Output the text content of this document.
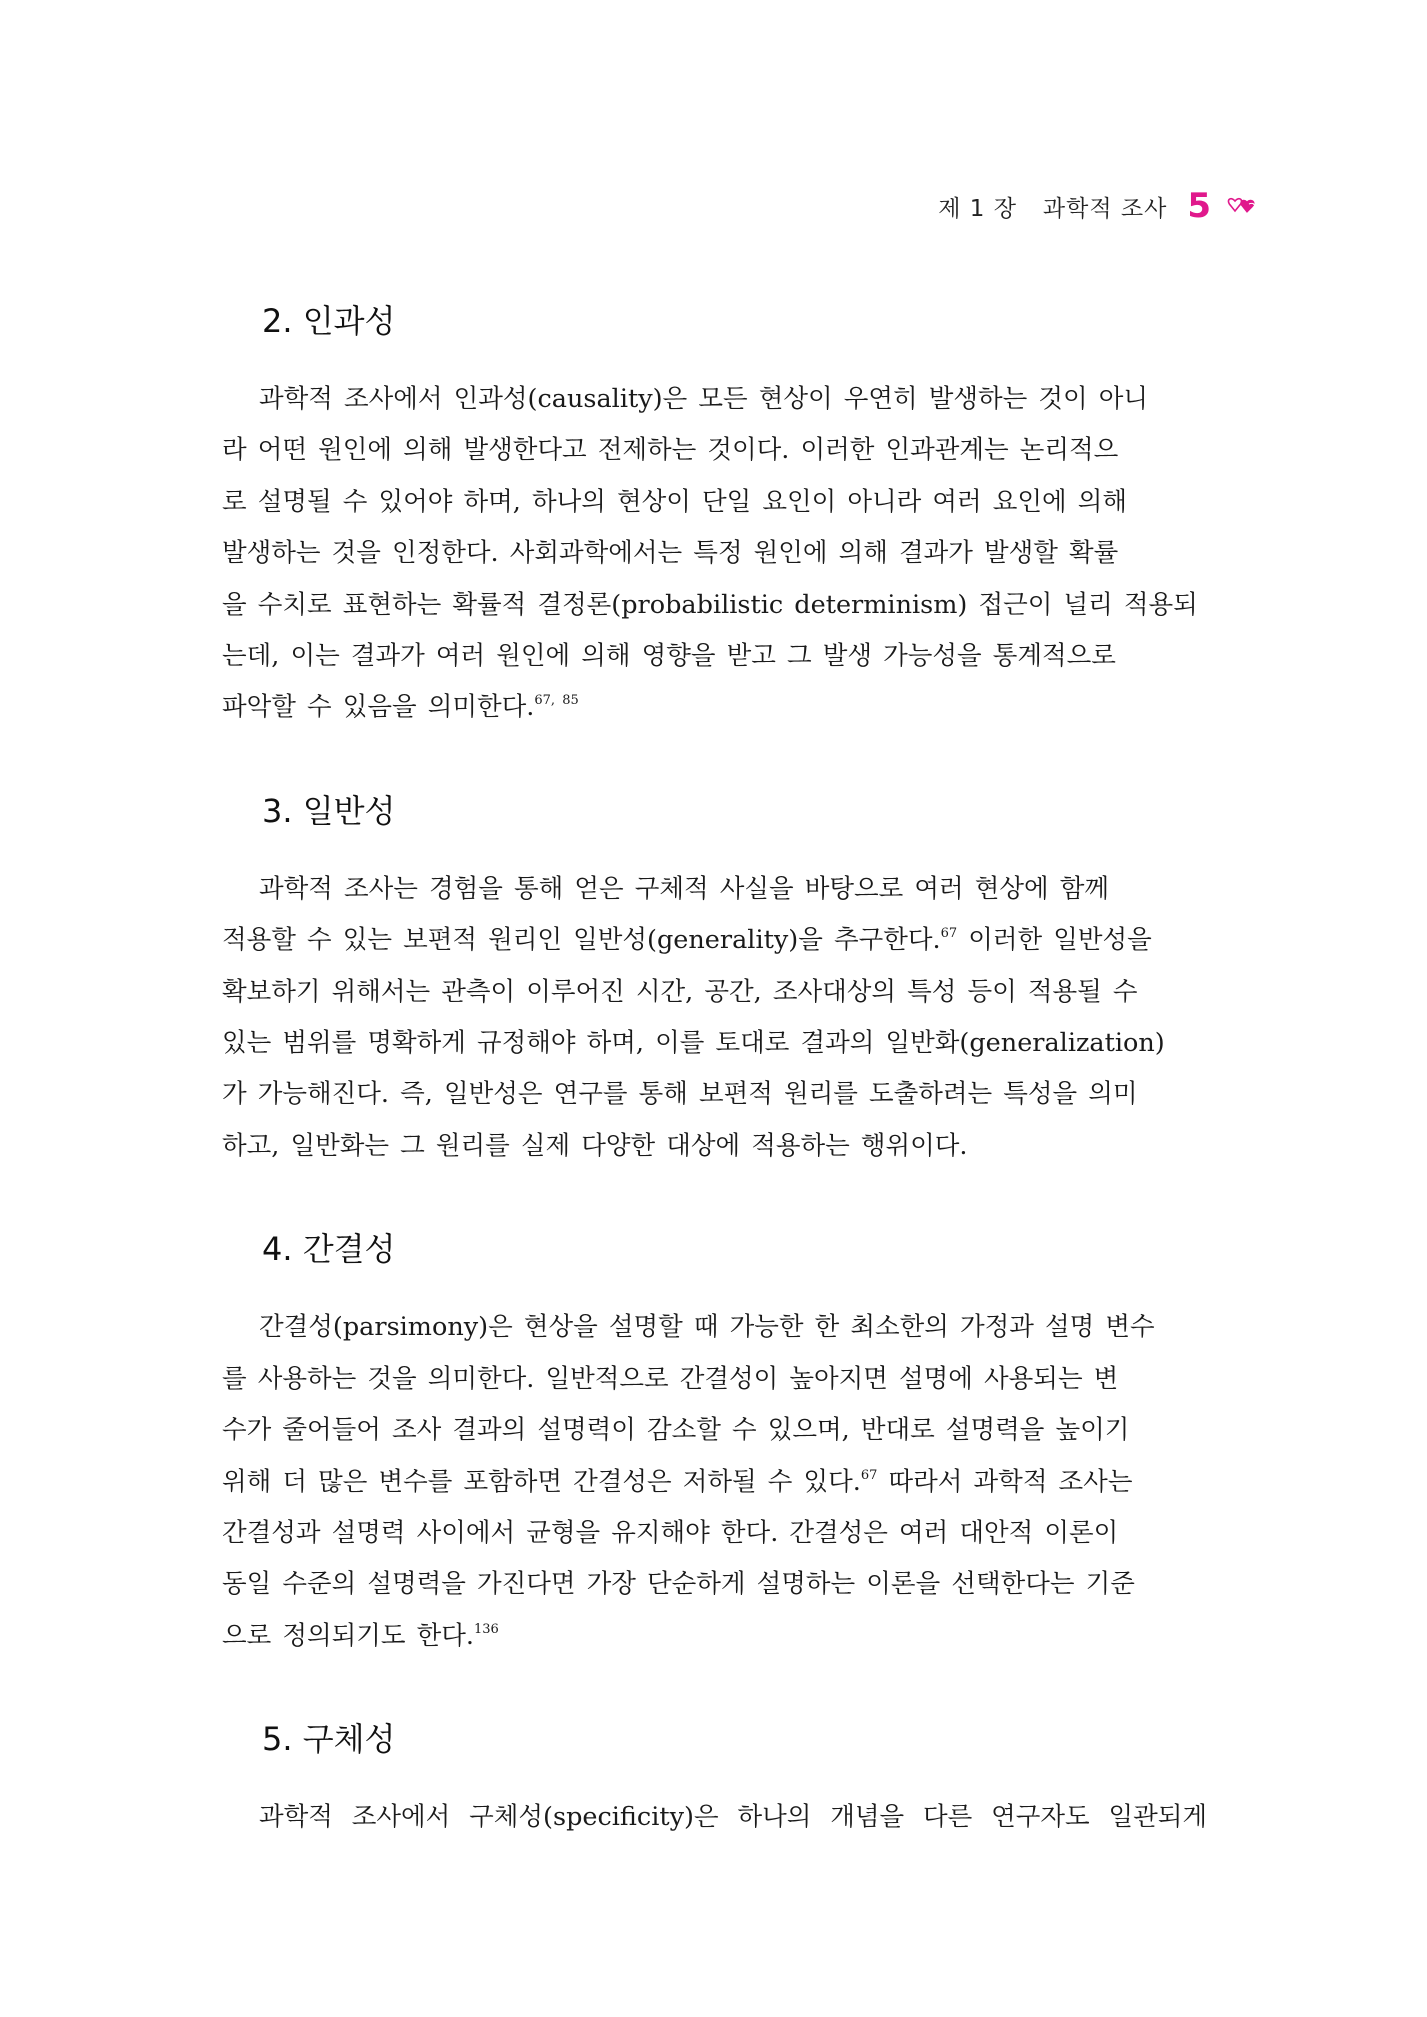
제 1 장 과학적 조사 5
2. 인과성

과학적 조사에서 인과성(causality)은 모든 현상이 우연히 발생하는 것이 아니
라 어떤 원인에 의해 발생한다고 전제하는 것이다. 이러한 인과관계는 논리적으
로 설명될 수 있어야 하며, 하나의 현상이 단일 요인이 아니라 여러 요인에 의해
발생하는 것을 인정한다. 사회과학에서는 특정 원인에 의해 결과가 발생할 확률
을 수치로 표현하는 확률적 결정론(probabilistic determinism) 접근이 널리 적용되
는데, 이는 결과가 여러 원인에 의해 영향을 받고 그 발생 가능성을 통계적으로
파악할 수 있음을 의미한다.$^{67, 85}$

3. 일반성

과학적 조사는 경험을 통해 얻은 구체적 사실을 바탕으로 여러 현상에 함께
적용할 수 있는 보편적 원리인 일반성(generality)을 추구한다.$^{67}$ 이러한 일반성을
확보하기 위해서는 관측이 이루어진 시간, 공간, 조사대상의 특성 등이 적용될 수
있는 범위를 명확하게 규정해야 하며, 이를 토대로 결과의 일반화(generalization)
가 가능해진다. 즉, 일반성은 연구를 통해 보편적 원리를 도출하려는 특성을 의미
하고, 일반화는 그 원리를 실제 다양한 대상에 적용하는 행위이다.

4. 간결성

간결성(parsimony)은 현상을 설명할 때 가능한 한 최소한의 가정과 설명 변수
를 사용하는 것을 의미한다. 일반적으로 간결성이 높아지면 설명에 사용되는 변
수가 줄어들어 조사 결과의 설명력이 감소할 수 있으며, 반대로 설명력을 높이기
위해 더 많은 변수를 포함하면 간결성은 저하될 수 있다.$^{67}$ 따라서 과학적 조사는
간결성과 설명력 사이에서 균형을 유지해야 한다. 간결성은 여러 대안적 이론이
동일 수준의 설명력을 가진다면 가장 단순하게 설명하는 이론을 선택한다는 기준
으로 정의되기도 한다.$^{136}$

5. 구체성

과학적 조사에서 구체성(specificity)은 하나의 개념을 다른 연구자도 일관되게
